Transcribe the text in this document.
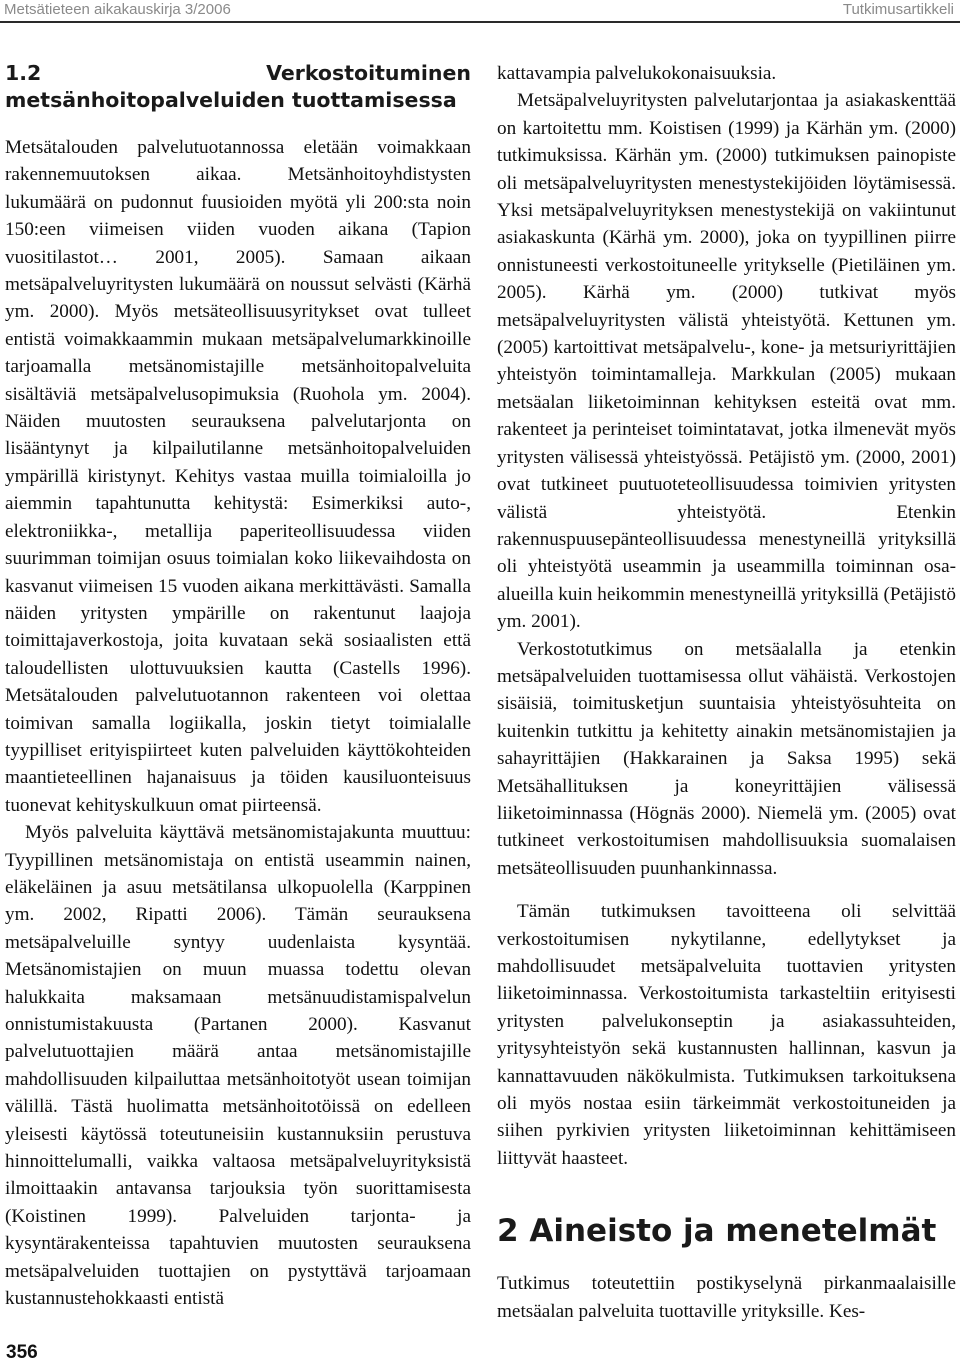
Metsätieteen aikakauskirja 3/2006	Tutkimusartikkeli
1.2 Verkostoituminen metsänhoitopalveluiden tuottamisessa

Metsätalouden palvelutuotannossa eletään voimakkaan rakennemuutoksen aikaa. Metsänhoitoyhdistysten lukumäärä on pudonnut fuusioiden myötä yli 200:sta noin 150:een viimeisen viiden vuoden aikana (Tapion vuositilastot… 2001, 2005). Samaan aikaan metsäpalveluyritysten lukumäärä on noussut selvästi (Kärhä ym. 2000). Myös metsäteollisuusyritykset ovat tulleet entistä voimakkaammin mukaan metsäpalvelumarkkinoille tarjoamalla metsänomistajille metsänhoitopalveluita sisältäviä metsäpalvelusopimuksia (Ruohola ym. 2004). Näiden muutosten seurauksena palvelutarjonta on lisääntynyt ja kilpailutilanne metsänhoitopalveluiden ympärillä kiristynyt. Kehitys vastaa muilla toimialoilla jo aiemmin tapahtunutta kehitystä: Esimerkiksi auto-, elektroniikka-, metallija paperiteollisuudessa viiden suurimman toimijan osuus toimialan koko liikevaihdosta on kasvanut viimeisen 15 vuoden aikana merkittävästi. Samalla näiden yritysten ympärille on rakentunut laajoja toimittajaverkostoja, joita kuvataan sekä sosiaalisten että taloudellisten ulottuvuuksien kautta (Castells 1996). Metsätalouden palvelutuotannon rakenteen voi olettaa toimivan samalla logiikalla, joskin tietyt toimialalle tyypilliset erityispiirteet kuten palveluiden käyttökohteiden maantieteellinen hajanaisuus ja töiden kausiluonteisuus tuonevat kehityskulkuun omat piirteensä.

Myös palveluita käyttävä metsänomistajakunta muuttuu: Tyypillinen metsänomistaja on entistä useammin nainen, eläkeläinen ja asuu metsätilansa ulkopuolella (Karppinen ym. 2002, Ripatti 2006). Tämän seurauksena metsäpalveluille syntyy uudenlaista kysyntää. Metsänomistajien on muun muassa todettu olevan halukkaita maksamaan metsänuudistamispalvelun onnistumistakuusta (Partanen 2000). Kasvanut palvelutuottajien määrä antaa metsänomistajille mahdollisuuden kilpailuttaa metsänhoitotyöt usean toimijan välillä. Tästä huolimatta metsänhoitotöissä on edelleen yleisesti käytössä toteutuneisiin kustannuksiin perustuva hinnoittelumalli, vaikka valtaosa metsäpalveluyrityksistä ilmoittaakin antavansa tarjouksia työn suorittamisesta (Koistinen 1999). Palveluiden tarjonta- ja kysyntärakenteissa tapahtuvien muutosten seurauksena metsäpalveluiden tuottajien on pystyttävä tarjoamaan kustannustehokkaasti entistä

kattavampia palvelukokonaisuuksia.

Metsäpalveluyritysten palvelutarjontaa ja asiakaskenttää on kartoitettu mm. Koistisen (1999) ja Kärhän ym. (2000) tutkimuksissa. Kärhän ym. (2000) tutkimuksen painopiste oli metsäpalveluyritysten menestystekijöiden löytämisessä. Yksi metsäpalveluyrityksen menestystekijä on vakiintunut asiakaskunta (Kärhä ym. 2000), joka on tyypillinen piirre onnistuneesti verkostoituneelle yritykselle (Pietiläinen ym. 2005). Kärhä ym. (2000) tutkivat myös metsäpalveluyritysten välistä yhteistyötä. Kettunen ym. (2005) kartoittivat metsäpalvelu-, kone- ja metsuriyrittäjien yhteistyön toimintamalleja. Markkulan (2005) mukaan metsäalan liiketoiminnan kehityksen esteitä ovat mm. rakenteet ja perinteiset toimintatavat, jotka ilmenevät myös yritysten välisessä yhteistyössä. Petäjistö ym. (2000, 2001) ovat tutkineet puutuoteteollisuudessa toimivien yritysten välistä yhteistyötä. Etenkin rakennuspuusepänteollisuudessa menestyneillä yrityksillä oli yhteistyötä useammin ja useammilla toiminnan osa-alueilla kuin heikommin menestyneillä yrityksillä (Petäjistö ym. 2001).

Verkostotutkimus on metsäalalla ja etenkin metsäpalveluiden tuottamisessa ollut vähäistä. Verkostojen sisäisiä, toimitusketjun suuntaisia yhteistyösuhteita on kuitenkin tutkittu ja kehitetty ainakin metsänomistajien ja sahayrittäjien (Hakkarainen ja Saksa 1995) sekä Metsähallituksen ja koneyrittäjien välisessä liiketoiminnassa (Högnäs 2000). Niemelä ym. (2005) ovat tutkineet verkostoitumisen mahdollisuuksia suomalaisen metsäteollisuuden puunhankinnassa.

Tämän tutkimuksen tavoitteena oli selvittää verkostoitumisen nykytilanne, edellytykset ja mahdollisuudet metsäpalveluita tuottavien yritysten liiketoiminnassa. Verkostoitumista tarkasteltiin erityisesti yritysten palvelukonseptin ja asiakassuhteiden, yritysyhteistyön sekä kustannusten hallinnan, kasvun ja kannattavuuden näkökulmista. Tutkimuksen tarkoituksena oli myös nostaa esiin tärkeimmät verkostoituneiden ja siihen pyrkivien yritysten liiketoiminnan kehittämiseen liittyvät haasteet.

2 Aineisto ja menetelmät

Tutkimus toteutettiin postikyselynä pirkanmaalaisille metsäalan palveluita tuottaville yrityksille. Kes-

356
